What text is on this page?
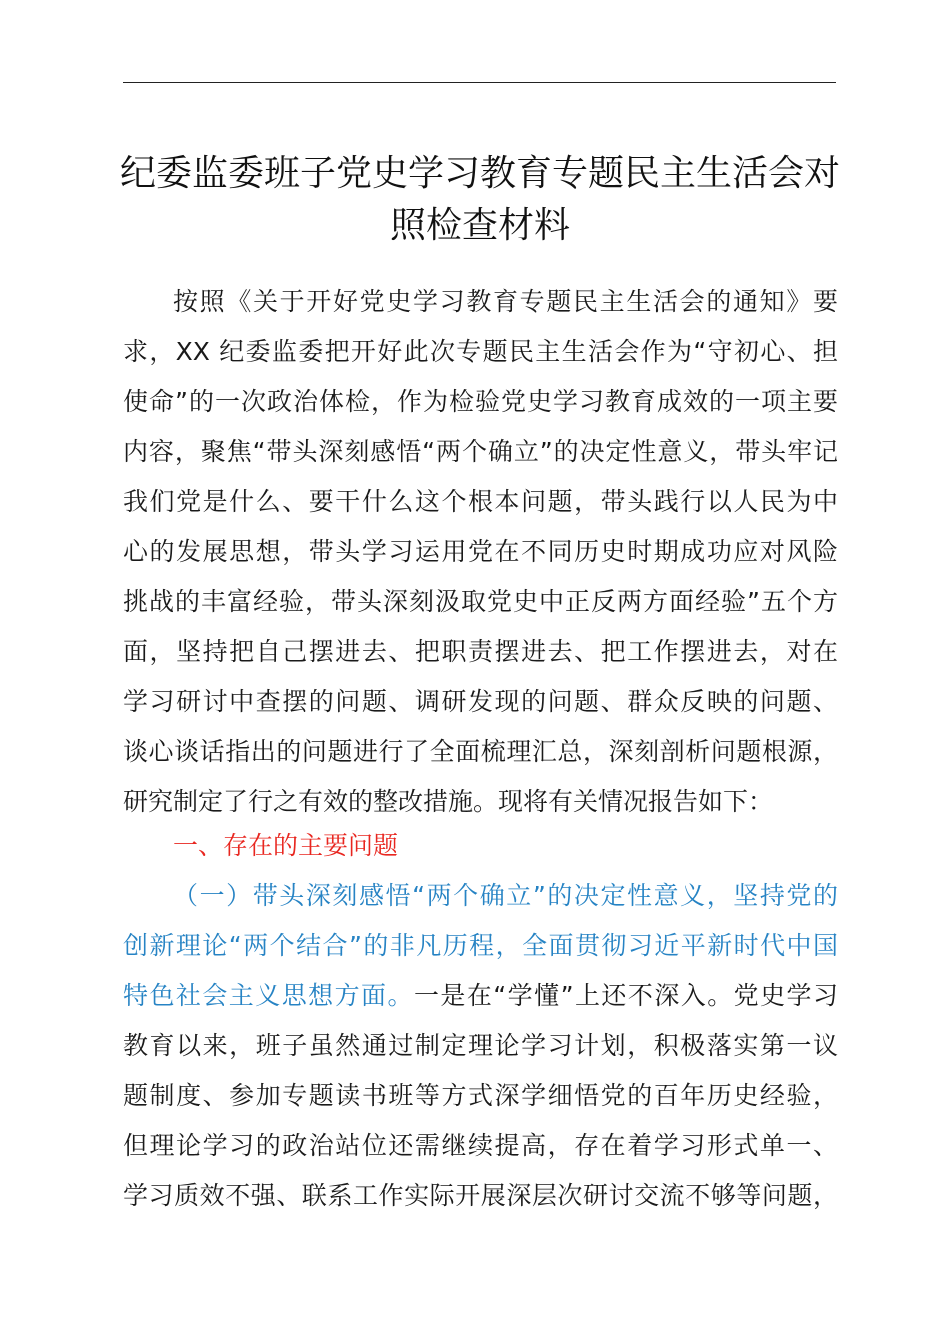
纪委监委班子党史学习教育专题民主生活会对
照检查材料
按照《关于开好党史学习教育专题民主生活会的通知》要
求，XX 纪委监委把开好此次专题民主生活会作为“守初心、担
使命”的一次政治体检，作为检验党史学习教育成效的一项主要
内容，聚焦“带头深刻感悟“两个确立”的决定性意义，带头牢记
我们党是什么、要干什么这个根本问题，带头践行以人民为中
心的发展思想，带头学习运用党在不同历史时期成功应对风险
挑战的丰富经验，带头深刻汲取党史中正反两方面经验”五个方
面，坚持把自己摆进去、把职责摆进去、把工作摆进去，对在
学习研讨中查摆的问题、调研发现的问题、群众反映的问题、
谈心谈话指出的问题进行了全面梳理汇总，深刻剖析问题根源，
研究制定了行之有效的整改措施。现将有关情况报告如下：
一、存在的主要问题
（一）带头深刻感悟“两个确立”的决定性意义，坚持党的
创新理论“两个结合”的非凡历程，全面贯彻习近平新时代中国
特色社会主义思想方面。 一是在“学懂”上还不深入。党史学习
教育以来，班子虽然通过制定理论学习计划，积极落实第一议
题制度、参加专题读书班等方式深学细悟党的百年历史经验，
但理论学习的政治站位还需继续提高，存在着学习形式单一、
学习质效不强、联系工作实际开展深层次研讨交流不够等问题，
